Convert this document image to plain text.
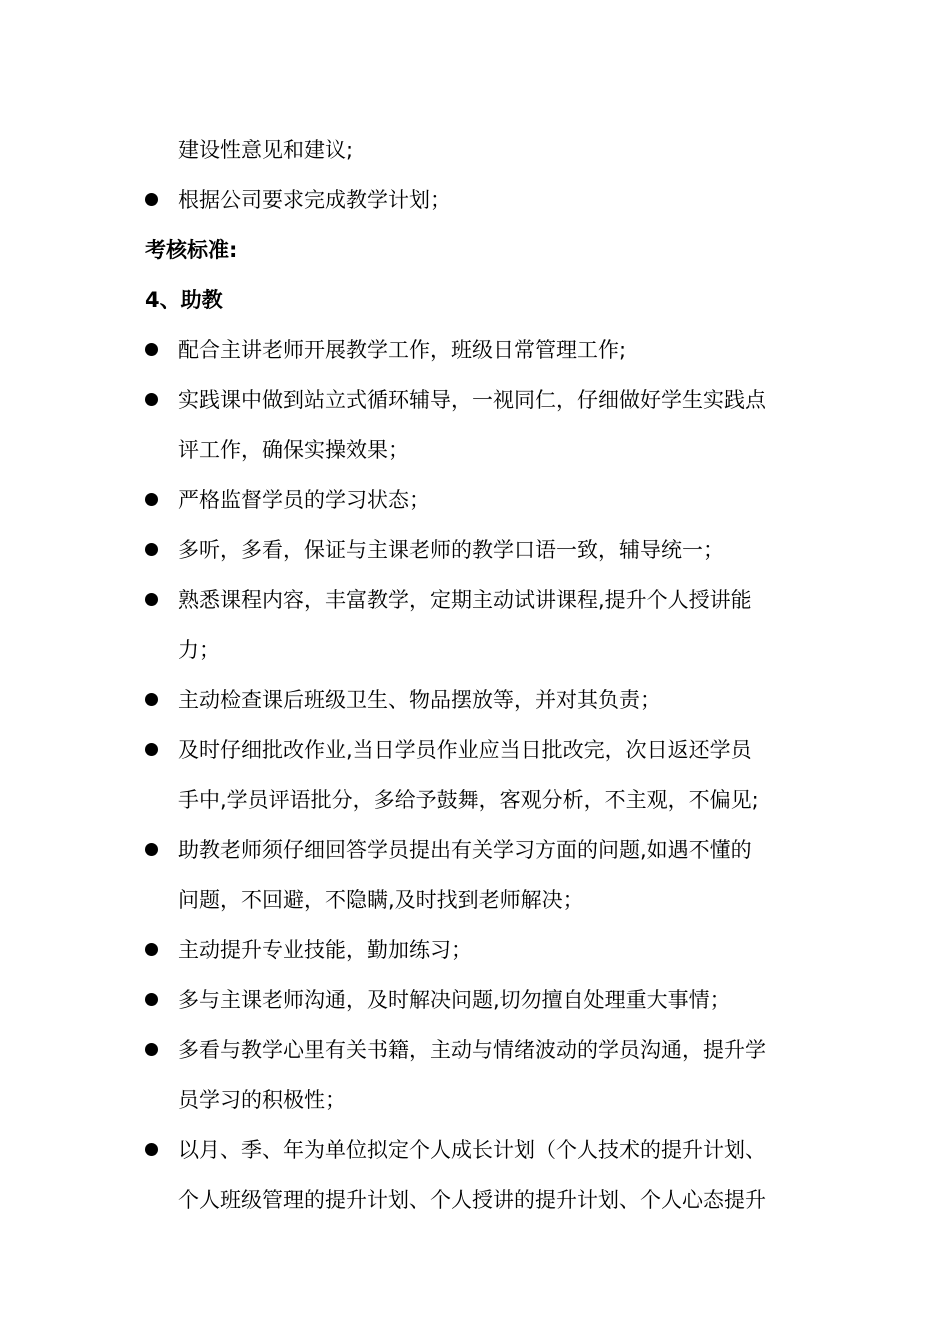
建设性意见和建议;
根据公司要求完成教学计划；
考核标准:
4、助教
配合主讲老师开展教学工作，班级日常管理工作;
实践课中做到站立式循环辅导，一视同仁，仔细做好学生实践点
评工作，确保实操效果；
严格监督学员的学习状态；
多听，多看，保证与主课老师的教学口语一致，辅导统一；
熟悉课程内容，丰富教学，定期主动试讲课程,提升个人授讲能
力；
主动检查课后班级卫生、物品摆放等，并对其负责；
及时仔细批改作业,当日学员作业应当日批改完，次日返还学员
手中,学员评语批分，多给予鼓舞，客观分析，不主观，不偏见;
助教老师须仔细回答学员提出有关学习方面的问题,如遇不懂的
问题，不回避，不隐瞒,及时找到老师解决；
主动提升专业技能，勤加练习；
多与主课老师沟通，及时解决问题,切勿擅自处理重大事情；
多看与教学心里有关书籍，主动与情绪波动的学员沟通，提升学
员学习的积极性；
以月、季、年为单位拟定个人成长计划（个人技术的提升计划、
个人班级管理的提升计划、个人授讲的提升计划、个人心态提升
